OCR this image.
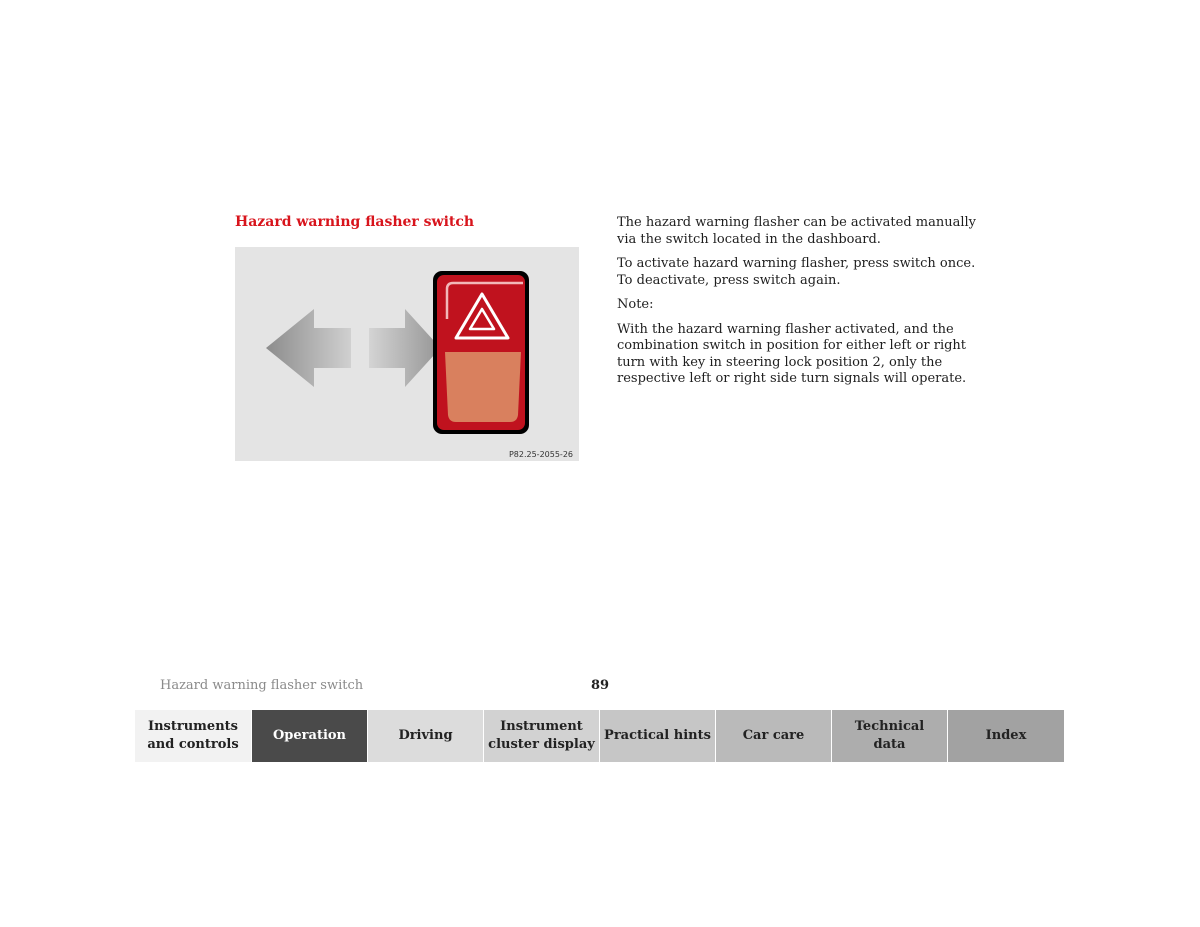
Hazard warning flasher switch
P82.25-2055-26

The hazard warning flasher can be activated manually
via the switch located in the dashboard.

To activate hazard warning flasher, press switch once.
To deactivate, press switch again.

Note:

With the hazard warning flasher activated, and the
combination switch in position for either left or right
turn with key in steering lock position 2, only the
respective left or right side turn signals will operate.

Hazard warning flasher switch	89
Instruments
and controls
Operation	Driving
Instrument
cluster display
Practical hints Car care
Technical
data
Index
